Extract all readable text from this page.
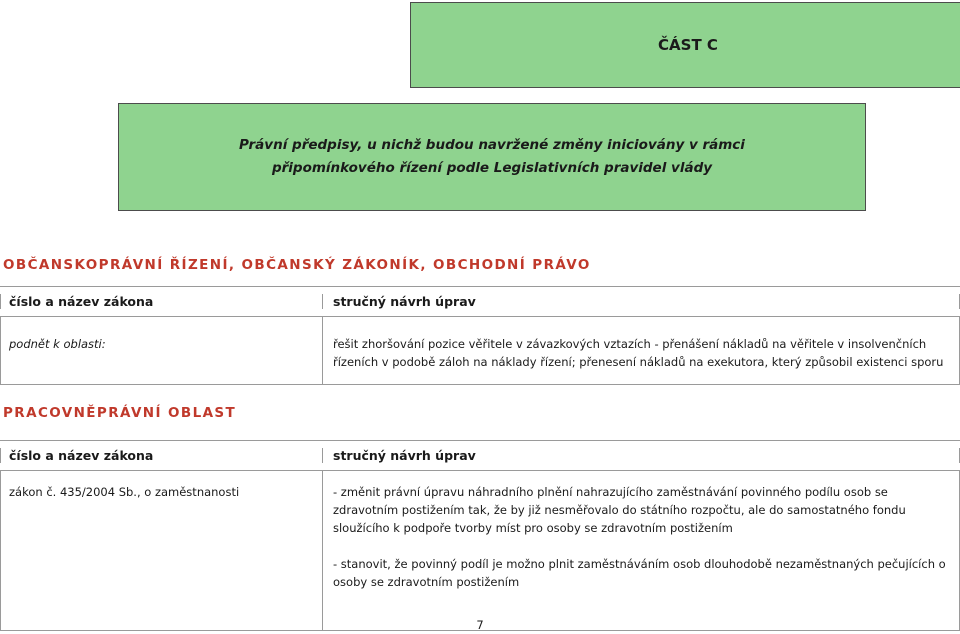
ČÁST C
Právní předpisy, u nichž budou navržené změny iniciovány v rámci
připomínkového řízení podle Legislativních pravidel vlády
OBČANSKOPRÁVNÍ ŘÍZENÍ, OBČANSKÝ ZÁKONÍK, OBCHODNÍ PRÁVO
číslo a název zákona	stručný návrh úprav
podnět k oblasti:	řešit zhoršování pozice věřitele v závazkových vztazích - přenášení nákladů na věřitele v insolvenčních řízeních v podobě záloh na náklady řízení; přenesení nákladů na exekutora, který způsobil existenci sporu
PRACOVNĚPRÁVNÍ OBLAST
číslo a název zákona	stručný návrh úprav
zákon č. 435/2004 Sb., o zaměstnanosti	- změnit právní úpravu náhradního plnění nahrazujícího zaměstnávání povinného podílu osob se zdravotním postižením tak, že by již nesměřovalo do státního rozpočtu, ale do samostatného fondu sloužícího k podpoře tvorby míst pro osoby se zdravotním postižením
- stanovit, že povinný podíl je možno plnit zaměstnáváním osob dlouhodobě nezaměstnaných pečujících o osoby se zdravotním postižením
7
